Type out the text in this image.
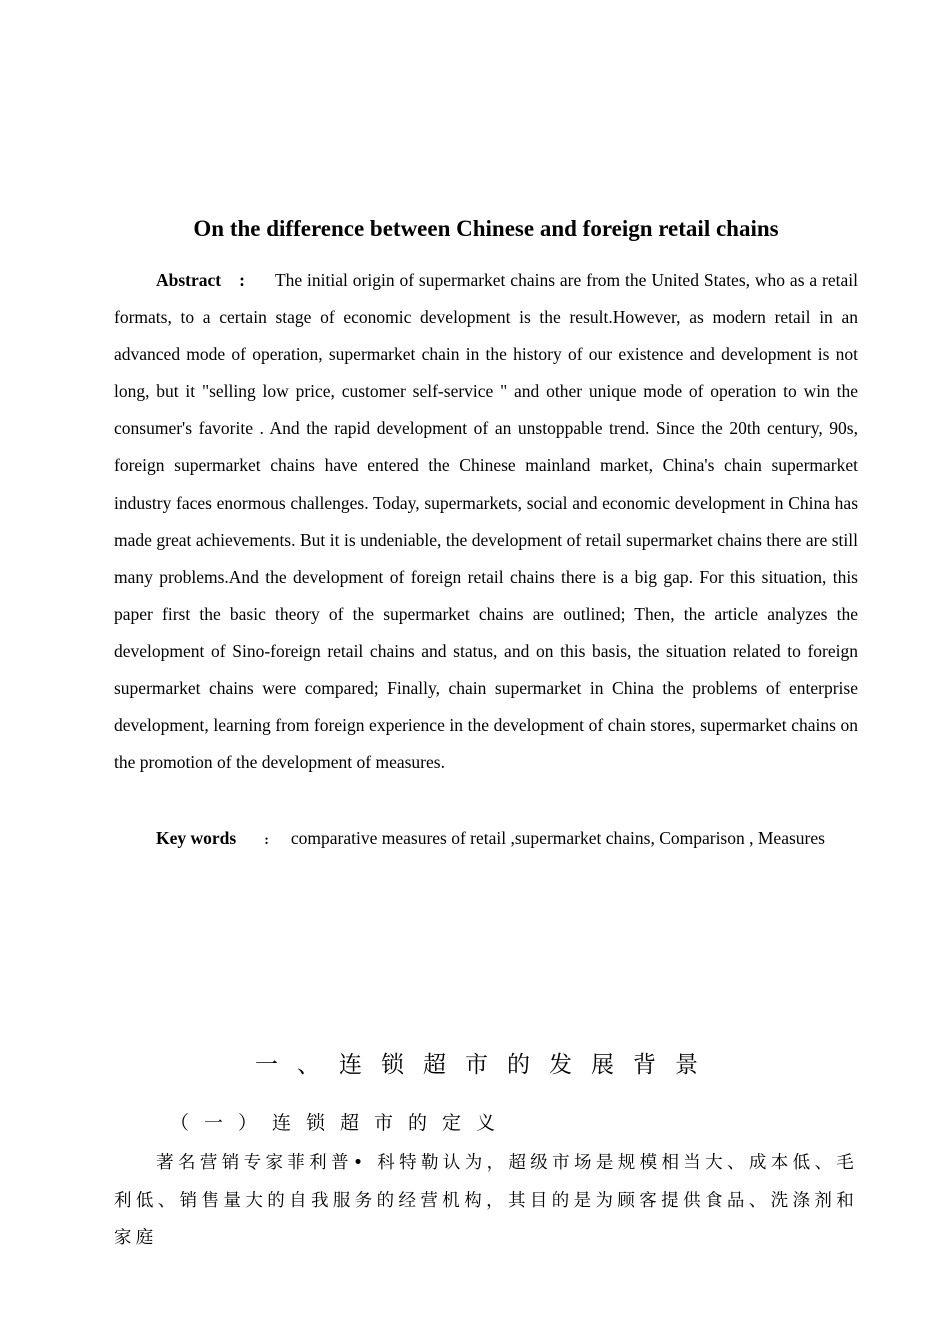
On the difference between Chinese and foreign retail chains
Abstract : The initial origin of supermarket chains are from the United States, who as a retail formats, to a certain stage of economic development is the result.However, as modern retail in an advanced mode of operation, supermarket chain in the history of our existence and development is not long, but it "selling low price, customer self-service " and other unique mode of operation to win the consumer's favorite . And the rapid development of an unstoppable trend. Since the 20th century, 90s, foreign supermarket chains have entered the Chinese mainland market, China's chain supermarket industry faces enormous challenges. Today, supermarkets, social and economic development in China has made great achievements. But it is undeniable, the development of retail supermarket chains there are still many problems.And the development of foreign retail chains there is a big gap. For this situation, this paper first the basic theory of the supermarket chains are outlined; Then, the article analyzes the development of Sino-foreign retail chains and status, and on this basis, the situation related to foreign supermarket chains were compared; Finally, chain supermarket in China the problems of enterprise development, learning from foreign experience in the development of chain stores, supermarket chains on the promotion of the development of measures.
Key words : comparative measures of retail ,supermarket chains, Comparison , Measures
一、连锁超市的发展背景
（一）连锁超市的定义
著名营销专家菲利普• 科特勒认为，超级市场是规模相当大、成本低、毛利低、销售量大的自我服务的经营机构，其目的是为顾客提供食品、洗涤剂和家庭
